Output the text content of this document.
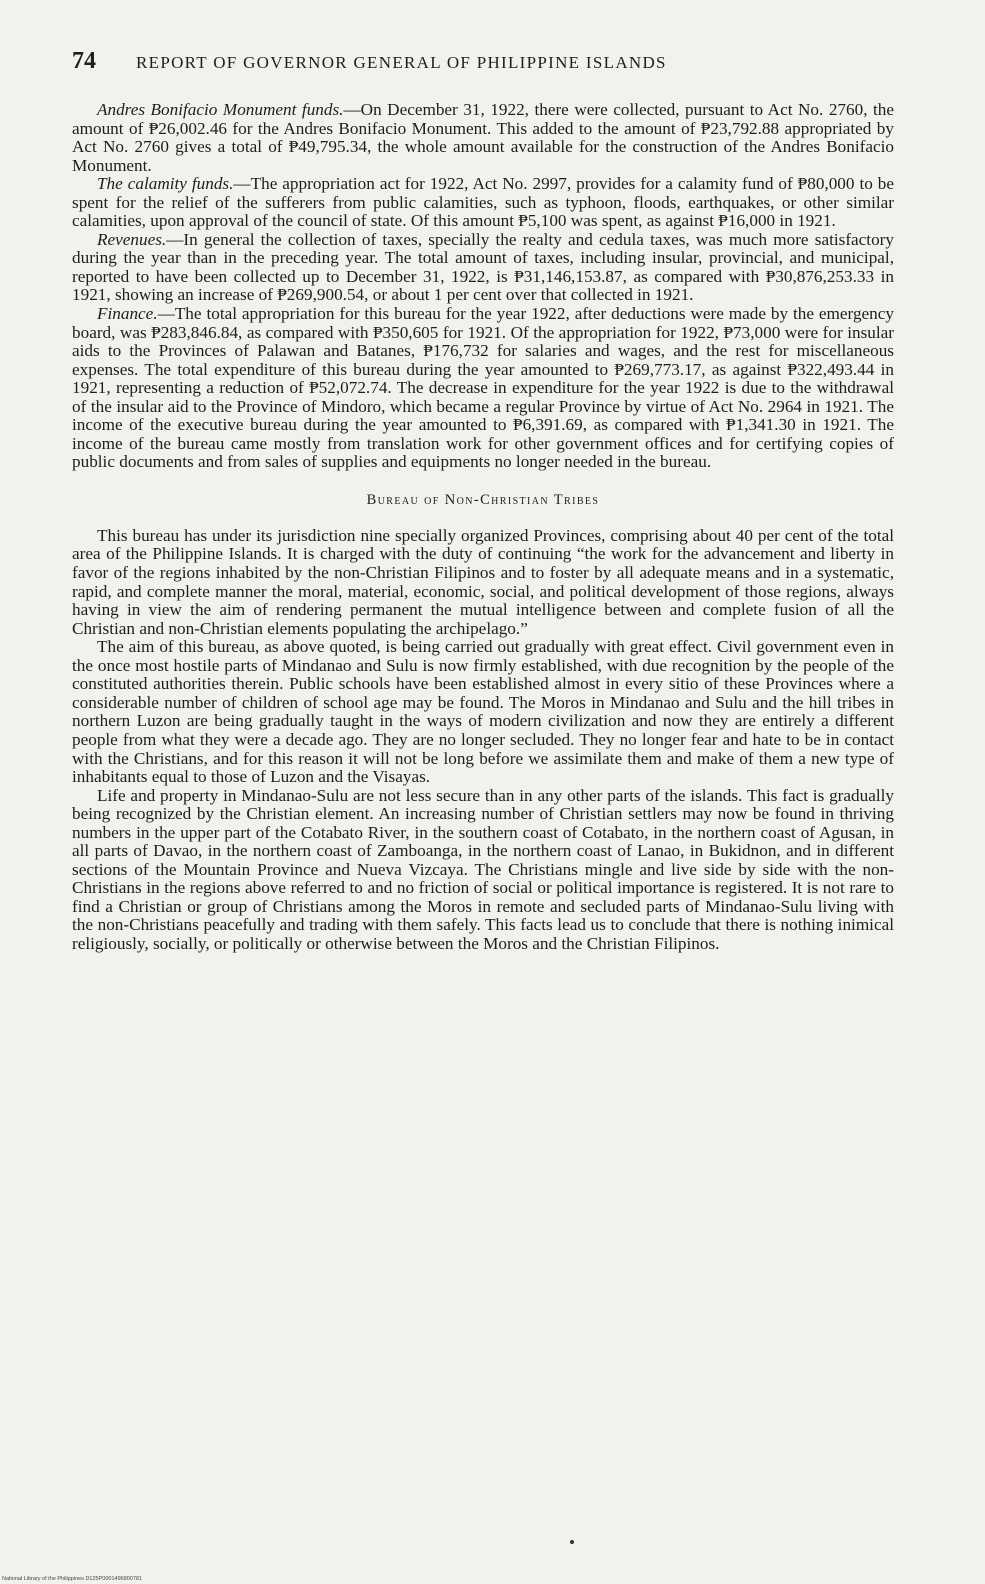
74	REPORT OF GOVERNOR GENERAL OF PHILIPPINE ISLANDS

Andres Bonifacio Monument funds.—On December 31, 1922, there were collected, pursuant to Act No. 2760, the amount of ₱26,002.46 for the Andres Bonifacio Monument. This added to the amount of ₱23,792.88 appropriated by Act No. 2760 gives a total of ₱49,795.34, the whole amount available for the construction of the Andres Bonifacio Monument.

The calamity funds.—The appropriation act for 1922, Act No. 2997, provides for a calamity fund of ₱80,000 to be spent for the relief of the sufferers from public calamities, such as typhoon, floods, earthquakes, or other similar calamities, upon approval of the council of state. Of this amount ₱5,100 was spent, as against ₱16,000 in 1921.

Revenues.—In general the collection of taxes, specially the realty and cedula taxes, was much more satisfactory during the year than in the preceding year. The total amount of taxes, including insular, provincial, and municipal, reported to have been collected up to December 31, 1922, is ₱31,146,153.87, as compared with ₱30,876,253.33 in 1921, showing an increase of ₱269,900.54, or about 1 per cent over that collected in 1921.

Finance.—The total appropriation for this bureau for the year 1922, after deductions were made by the emergency board, was ₱283,846.84, as compared with ₱350,605 for 1921. Of the appropriation for 1922, ₱73,000 were for insular aids to the Provinces of Palawan and Batanes, ₱176,732 for salaries and wages, and the rest for miscellaneous expenses. The total expenditure of this bureau during the year amounted to ₱269,773.17, as against ₱322,493.44 in 1921, representing a reduction of ₱52,072.74. The decrease in expenditure for the year 1922 is due to the withdrawal of the insular aid to the Province of Mindoro, which became a regular Province by virtue of Act No. 2964 in 1921. The income of the executive bureau during the year amounted to ₱6,391.69, as compared with ₱1,341.30 in 1921. The income of the bureau came mostly from translation work for other government offices and for certifying copies of public documents and from sales of supplies and equipments no longer needed in the bureau.

Bureau of Non-Christian Tribes

This bureau has under its jurisdiction nine specially organized Provinces, comprising about 40 per cent of the total area of the Philippine Islands. It is charged with the duty of continuing “the work for the advancement and liberty in favor of the regions inhabited by the non-Christian Filipinos and to foster by all adequate means and in a systematic, rapid, and complete manner the moral, material, economic, social, and political development of those regions, always having in view the aim of rendering permanent the mutual intelligence between and complete fusion of all the Christian and non-Christian elements populating the archipelago.”

The aim of this bureau, as above quoted, is being carried out gradually with great effect. Civil government even in the once most hostile parts of Mindanao and Sulu is now firmly established, with due recognition by the people of the constituted authorities therein. Public schools have been established almost in every sitio of these Provinces where a considerable number of children of school age may be found. The Moros in Mindanao and Sulu and the hill tribes in northern Luzon are being gradually taught in the ways of modern civilization and now they are entirely a different people from what they were a decade ago. They are no longer secluded. They no longer fear and hate to be in contact with the Christians, and for this reason it will not be long before we assimilate them and make of them a new type of inhabitants equal to those of Luzon and the Visayas.

Life and property in Mindanao-Sulu are not less secure than in any other parts of the islands. This fact is gradually being recognized by the Christian element. An increasing number of Christian settlers may now be found in thriving numbers in the upper part of the Cotabato River, in the southern coast of Cotabato, in the northern coast of Agusan, in all parts of Davao, in the northern coast of Zamboanga, in the northern coast of Lanao, in Bukidnon, and in different sections of the Mountain Province and Nueva Vizcaya. The Christians mingle and live side by side with the non-Christians in the regions above referred to and no friction of social or political importance is registered. It is not rare to find a Christian or group of Christians among the Moros in remote and secluded parts of Mindanao-Sulu living with the non-Christians peacefully and trading with them safely. This facts lead us to conclude that there is nothing inimical religiously, socially, or politically or otherwise between the Moros and the Christian Filipinos.

National Library of the Philippines D125P0001496800781
